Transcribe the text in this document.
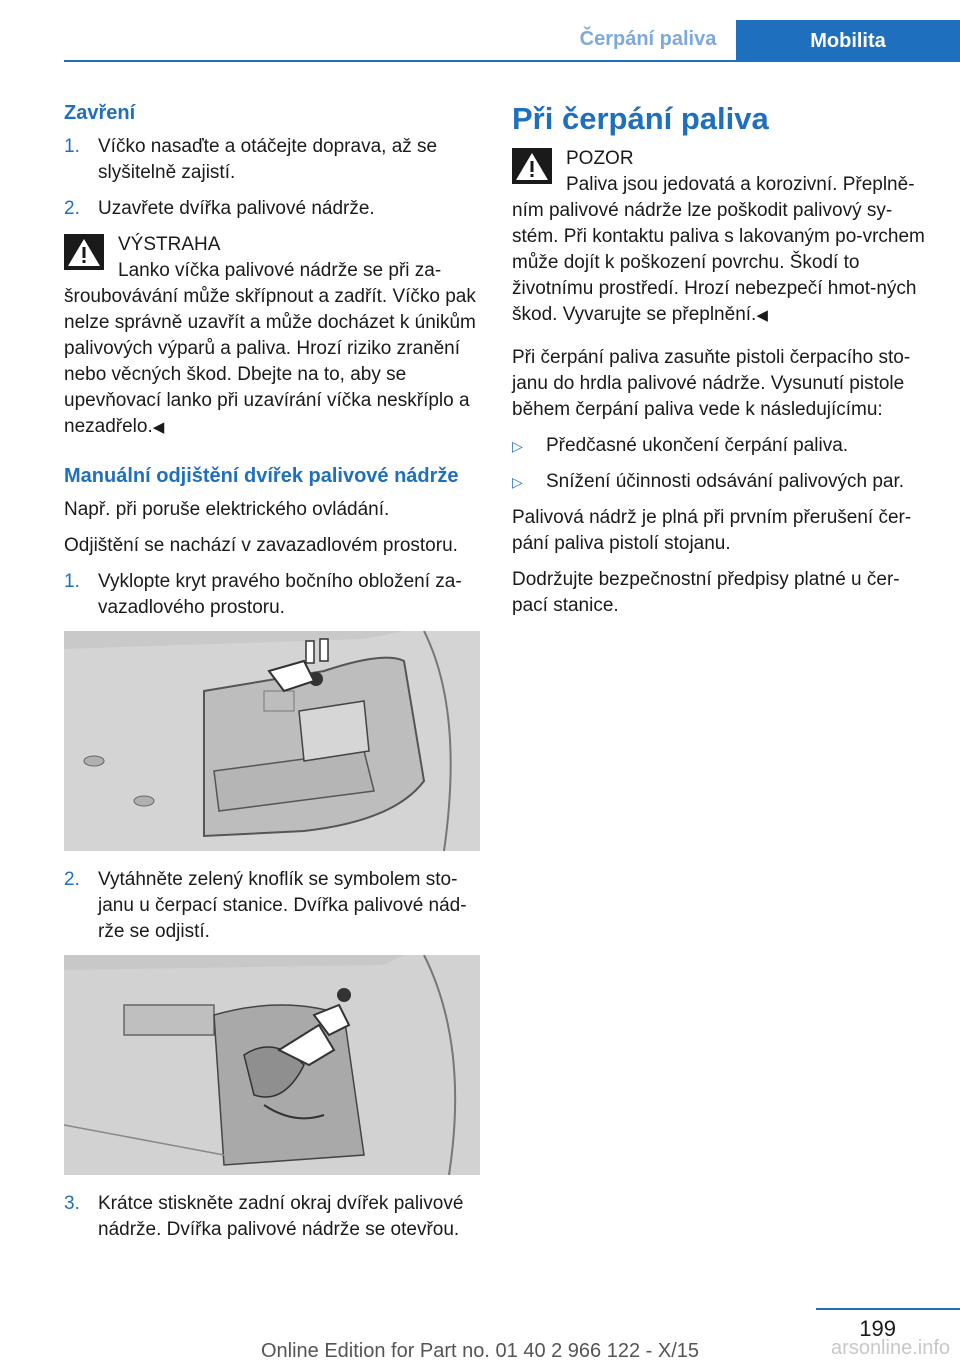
Čerpání paliva	Mobilita
Zavření
1. Víčko nasaďte a otáčejte doprava, až se slyšitelně zajistí.
2. Uzavřete dvířka palivové nádrže.
VÝSTRAHA
Lanko víčka palivové nádrže se při za‐
šroubovávání může skřípnout a zadřít. Víčko pak nelze správně uzavřít a může docházet k únikům palivových výparů a paliva. Hrozí riziko zranění nebo věcných škod. Dbejte na to, aby se upevňovací lanko při uzavírání víčka neskříplo a nezadřelo.◀
Manuální odjištění dvířek palivové nádrže

Např. při poruše elektrického ovládání.

Odjištění se nachází v zavazadlovém prostoru.

1. Vyklopte kryt pravého bočního obložení za‐vazadlového prostoru.
2. Vytáhněte zelený knoflík se symbolem sto‐janu u čerpací stanice. Dvířka palivové nád‐rže se odjistí.
3. Krátce stiskněte zadní okraj dvířek palivové nádrže. Dvířka palivové nádrže se otevřou.
Při čerpání paliva
POZOR
Paliva jsou jedovatá a korozivní. Přeplně‐
ním palivové nádrže lze poškodit palivový sy‐stém. Při kontaktu paliva s lakovaným po‐vrchem může dojít k poškození povrchu. Škodí to životnímu prostředí. Hrozí nebezpečí hmot‐ných škod. Vyvarujte se přeplnění.◀

Při čerpání paliva zasuňte pistoli čerpacího sto‐janu do hrdla palivové nádrže. Vysunutí pistole během čerpání paliva vede k následujícímu:

▷	Předčasné ukončení čerpání paliva.
▷	Snížení účinnosti odsávání palivových par.

Palivová nádrž je plná při prvním přerušení čer‐pání paliva pistolí stojanu.

Dodržujte bezpečnostní předpisy platné u čer‐pací stanice.

199
Online Edition for Part no. 01 40 2 966 122 - X/15	arsonline.info
